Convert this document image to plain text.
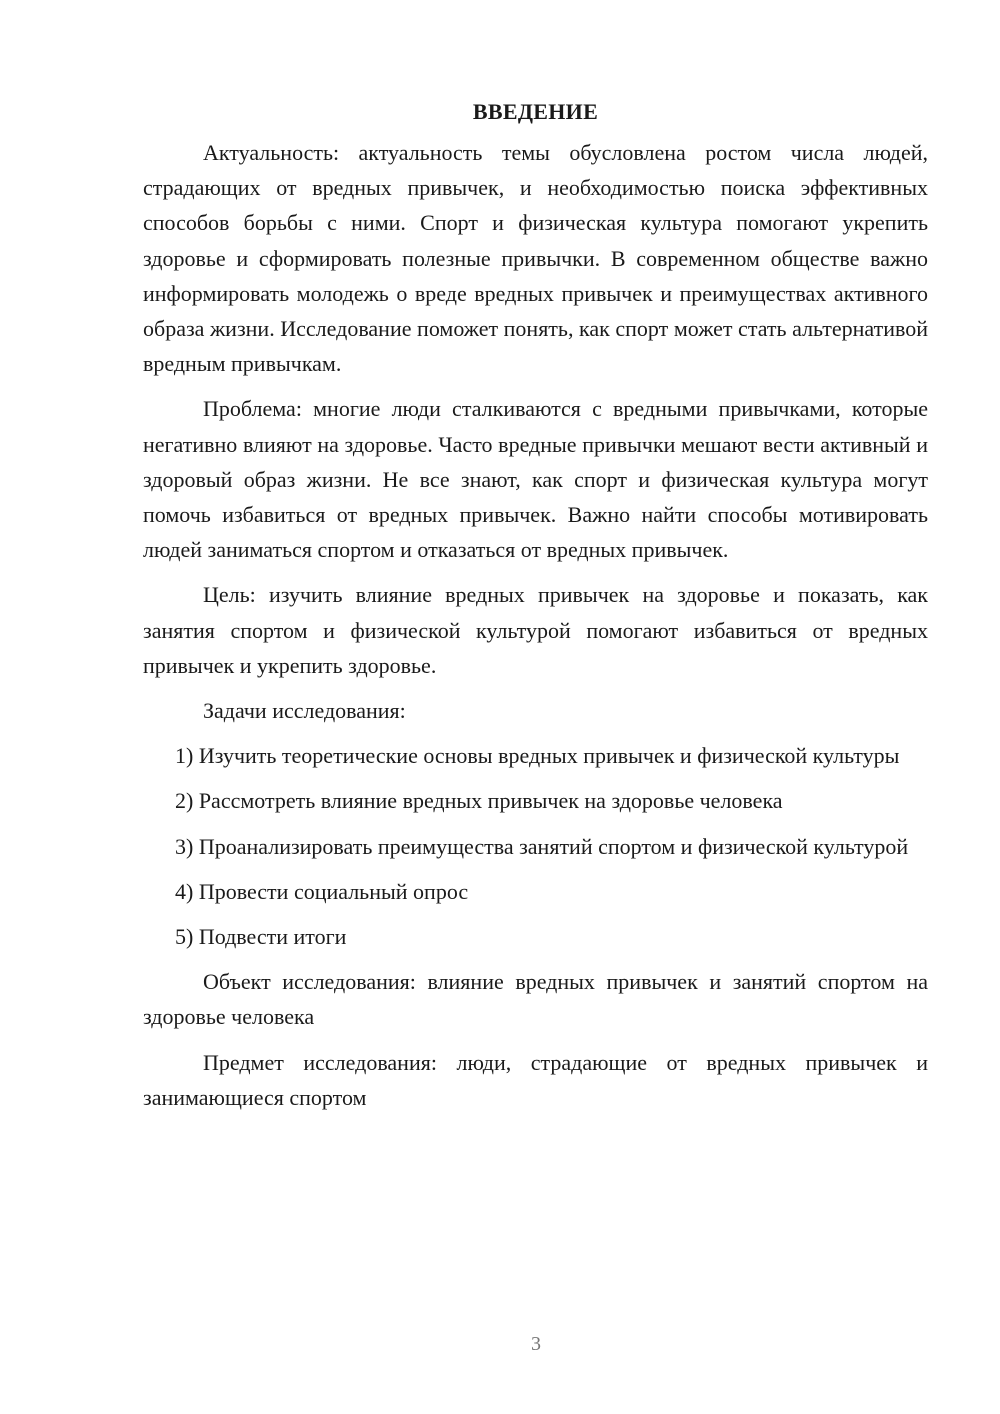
ВВЕДЕНИЕ

Актуальность: актуальность темы обусловлена ростом числа людей, страдающих от вредных привычек, и необходимостью поиска эффективных способов борьбы с ними. Спорт и физическая культура помогают укрепить здоровье и сформировать полезные привычки. В современном обществе важно информировать молодежь о вреде вредных привычек и преимуществах активного образа жизни. Исследование поможет понять, как спорт может стать альтернативой вредным привычкам.

Проблема: многие люди сталкиваются с вредными привычками, которые негативно влияют на здоровье. Часто вредные привычки мешают вести активный и здоровый образ жизни. Не все знают, как спорт и физическая культура могут помочь избавиться от вредных привычек. Важно найти способы мотивировать людей заниматься спортом и отказаться от вредных привычек.

Цель: изучить влияние вредных привычек на здоровье и показать, как занятия спортом и физической культурой помогают избавиться от вредных привычек и укрепить здоровье.

Задачи исследования:

1) Изучить теоретические основы вредных привычек и физической культуры

2) Рассмотреть влияние вредных привычек на здоровье человека

3) Проанализировать преимущества занятий спортом и физической культурой

4) Провести социальный опрос

5) Подвести итоги

Объект исследования: влияние вредных привычек и занятий спортом на здоровье человека

Предмет исследования: люди, страдающие от вредных привычек и занимающиеся спортом

3
